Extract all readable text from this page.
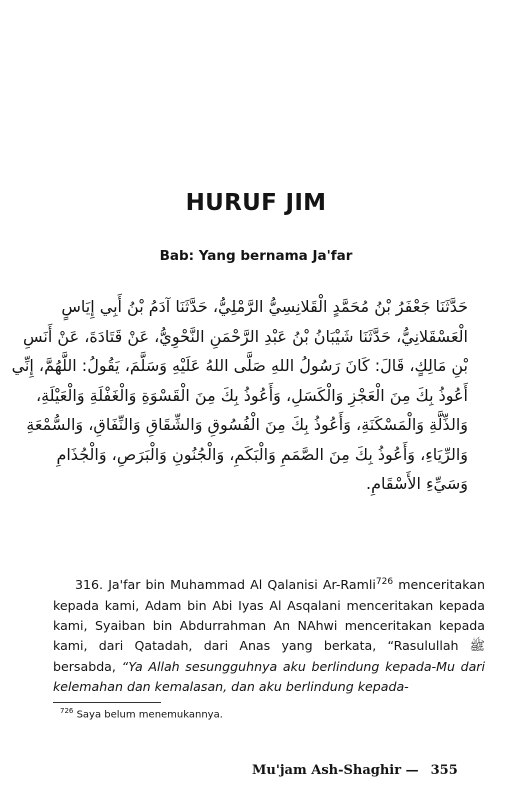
HURUF JIM
Bab: Yang bernama Ja'far
حَدَّثَنَا جَعْفَرُ بْنُ مُحَمَّدٍ الْقَلانِسِيُّ الرَّمْلِيُّ، حَدَّثَنَا آدَمُ بْنُ أَبِي إِيَاسٍ
الْعَسْقَلانِيُّ، حَدَّثَنَا شَيْبَانُ بْنُ عَبْدِ الرَّحْمَنِ النَّحْوِيُّ، عَنْ قَتَادَةَ، عَنْ أَنَسِ
بْنِ مَالِكٍ، قَالَ: كَانَ رَسُولُ اللهِ صَلَّى اللهُ عَلَيْهِ وَسَلَّمَ، يَقُولُ: اللَّهُمَّ، إِنِّي
أَعُوذُ بِكَ مِنَ الْعَجْزِ وَالْكَسَلِ، وَأَعُوذُ بِكَ مِنَ الْقَسْوَةِ وَالْغَفْلَةِ وَالْعَيْلَةِ،
وَالذِّلَّةِ وَالْمَسْكَنَةِ، وَأَعُوذُ بِكَ مِنَ الْفُسُوقِ وَالشِّقَاقِ وَالنِّفَاقِ، وَالسُّمْعَةِ
وَالرِّيَاءِ، وَأَعُوذُ بِكَ مِنَ الصَّمَمِ وَالْبَكَمِ، وَالْجُنُونِ وَالْبَرَصِ، وَالْجُذَامِ
وَسَيِّءِ الأَسْقَامِ.
316. Ja'far bin Muhammad Al Qalanisi Ar-Ramli$^{726}$ menceritakan kepada kami, Adam bin Abi Iyas Al Asqalani menceritakan kepada kami, Syaiban bin Abdurrahman An NAhwi menceritakan kepada kami, dari Qatadah, dari Anas yang berkata, “Rasulullah ﷺ bersabda, “Ya Allah sesungguhnya aku berlindung kepada-Mu dari kelemahan dan kemalasan, dan aku berlindung kepada-
$^{726}$ Saya belum menemukannya.
Mu'jam Ash-Shaghir — 355
